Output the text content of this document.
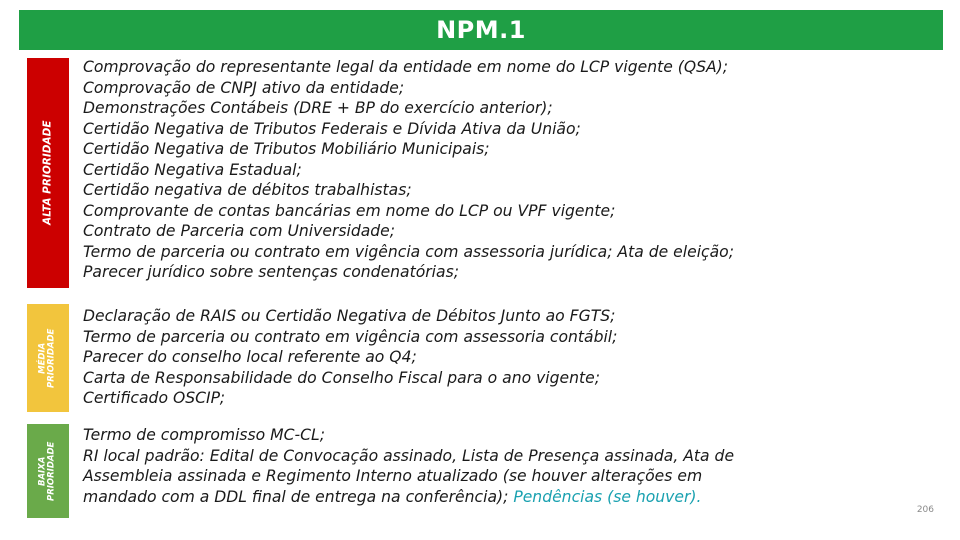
NPM.1
ALTA PRIORIDADE
Comprovação do representante legal da entidade em nome do LCP vigente (QSA);
Comprovação de CNPJ ativo da entidade;
Demonstrações Contábeis (DRE + BP do exercício anterior);
Certidão Negativa de Tributos Federais e Dívida Ativa da União;
Certidão Negativa de Tributos Mobiliário Municipais;
Certidão Negativa Estadual;
Certidão negativa de débitos trabalhistas;
Comprovante de contas bancárias em nome do LCP ou VPF vigente;
Contrato de Parceria com Universidade;
Termo de parceria ou contrato em vigência com assessoria jurídica; Ata de eleição;
Parecer jurídico sobre sentenças condenatórias;
MÉDIA
PRIORIDADE
Declaração de RAIS ou Certidão Negativa de Débitos Junto ao FGTS;
Termo de parceria ou contrato em vigência com assessoria contábil;
Parecer do conselho local referente ao Q4;
Carta de Responsabilidade do Conselho Fiscal para o ano vigente;
Certificado OSCIP;
BAIXA
PRIORIDADE
Termo de compromisso MC-CL;
RI local padrão: Edital de Convocação assinado, Lista de Presença assinada, Ata de
Assembleia assinada e Regimento Interno atualizado (se houver alterações em
mandado com a DDL final de entrega na conferência); Pendências (se houver).
206
